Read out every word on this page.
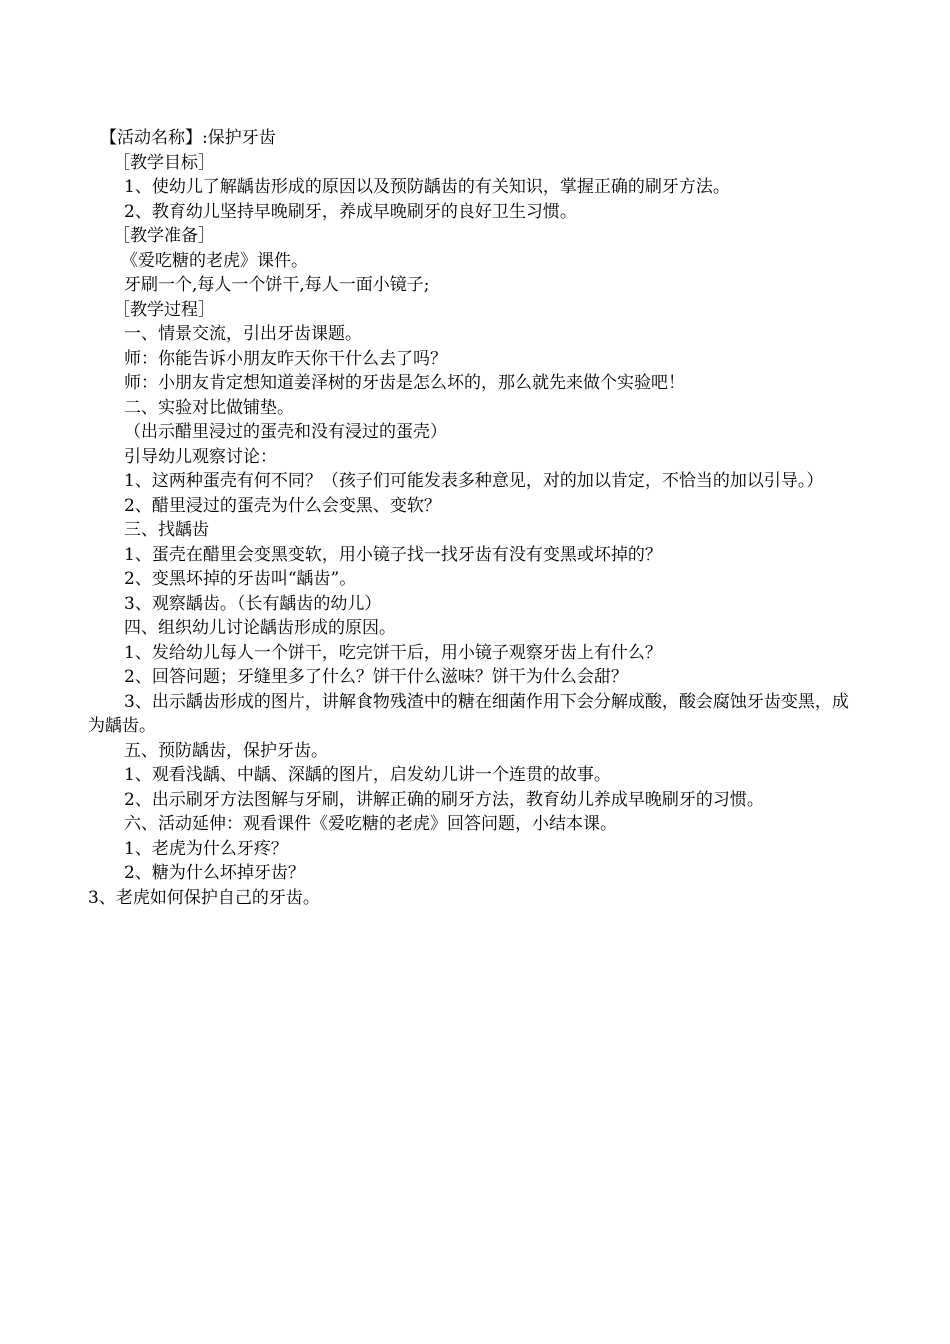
【活动名称】:保护牙齿
［教学目标］
1、使幼儿了解龋齿形成的原因以及预防龋齿的有关知识，掌握正确的刷牙方法。
2、教育幼儿坚持早晚刷牙，养成早晚刷牙的良好卫生习惯。
［教学准备］
《爱吃糖的老虎》课件。
牙刷一个,每人一个饼干,每人一面小镜子;
［教学过程］
一、情景交流，引出牙齿课题。
师：你能告诉小朋友昨天你干什么去了吗？
师：小朋友肯定想知道姜泽树的牙齿是怎么坏的，那么就先来做个实验吧！
二、实验对比做铺垫。
（出示醋里浸过的蛋壳和没有浸过的蛋壳）
引导幼儿观察讨论：
1、这两种蛋壳有何不同？（孩子们可能发表多种意见，对的加以肯定，不恰当的加以引导。）
2、醋里浸过的蛋壳为什么会变黑、变软？
三、找龋齿
1、蛋壳在醋里会变黑变软，用小镜子找一找牙齿有没有变黑或坏掉的？
2、变黑坏掉的牙齿叫“龋齿”。
3、观察龋齿。（长有龋齿的幼儿）
四、组织幼儿讨论龋齿形成的原因。
1、发给幼儿每人一个饼干，吃完饼干后，用小镜子观察牙齿上有什么？
2、回答问题；牙缝里多了什么？饼干什么滋味？饼干为什么会甜？
3、出示龋齿形成的图片，讲解食物残渣中的糖在细菌作用下会分解成酸，酸会腐蚀牙齿变黑，成为龋齿。
五、预防龋齿，保护牙齿。
1、观看浅龋、中龋、深龋的图片，启发幼儿讲一个连贯的故事。
2、出示刷牙方法图解与牙刷，讲解正确的刷牙方法，教育幼儿养成早晚刷牙的习惯。
六、活动延伸：观看课件《爱吃糖的老虎》回答问题，小结本课。
1、老虎为什么牙疼？
2、糖为什么坏掉牙齿？
3、老虎如何保护自己的牙齿。
